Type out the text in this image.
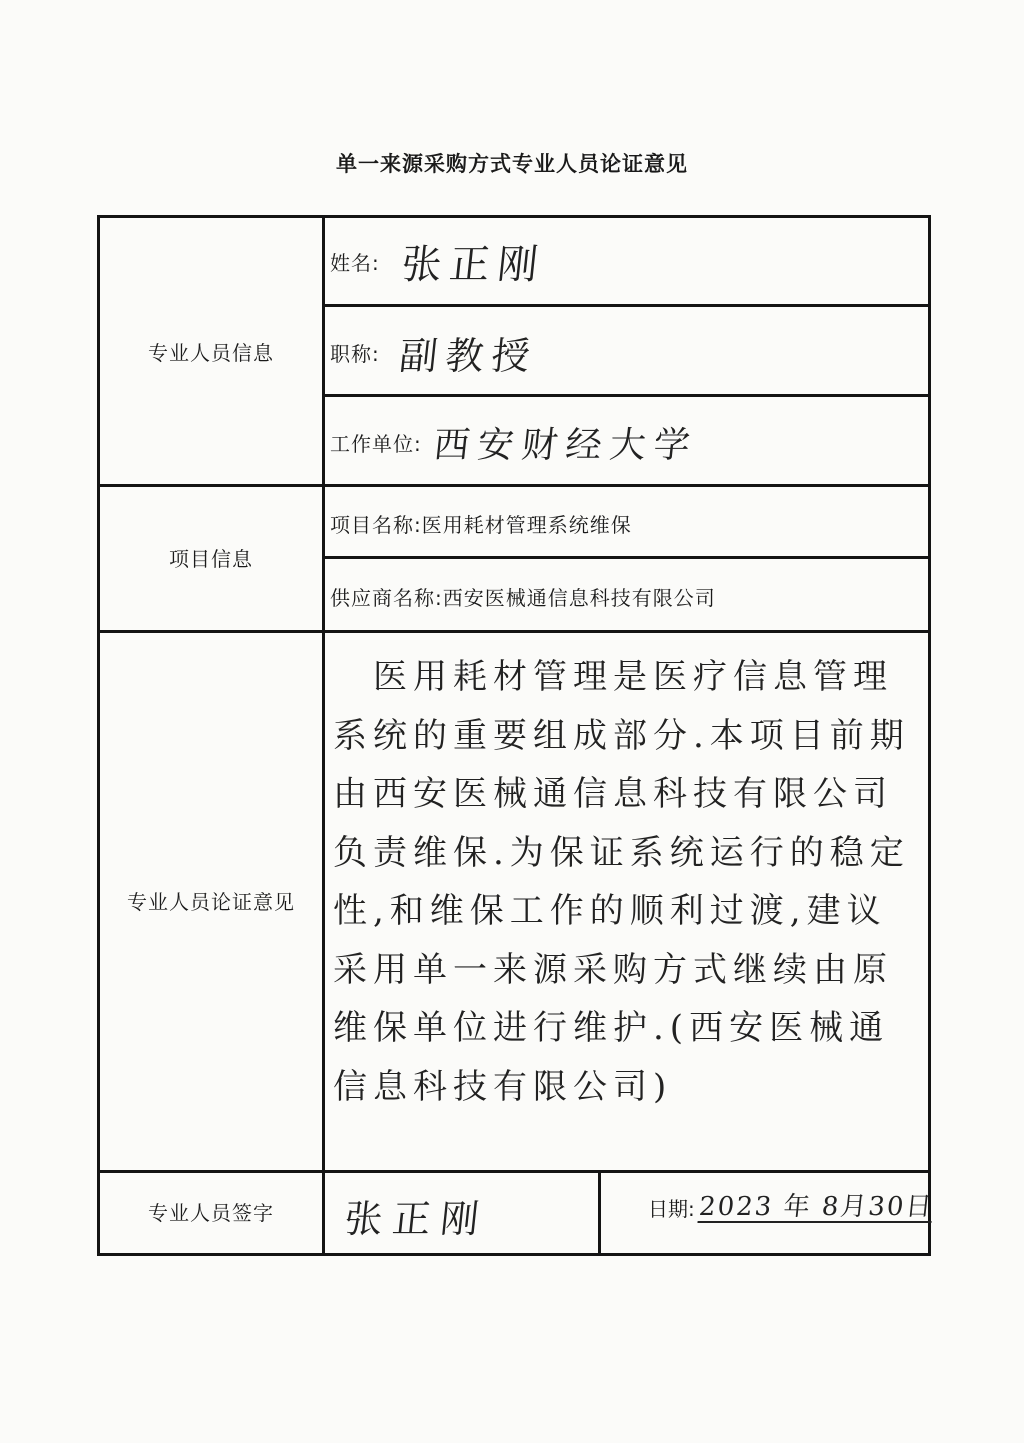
单一来源采购方式专业人员论证意见
专业人员信息
项目信息
专业人员论证意见
专业人员签字
姓名: 张正刚
职称: 副教授
工作单位: 西安财经大学
项目名称: 医用耗材管理系统维保
供应商名称: 西安医械通信息科技有限公司
医用耗材管理是医疗信息管理系统的重要组成部分.本项目前期由西安医械通信息科技有限公司负责维保.为保证系统运行的稳定性,和维保工作的顺利过渡,建议采用单一来源采购方式继续由原维保单位进行维护.(西安医械通信息科技有限公司)
张正刚	日期: 2023 年 8月30日
